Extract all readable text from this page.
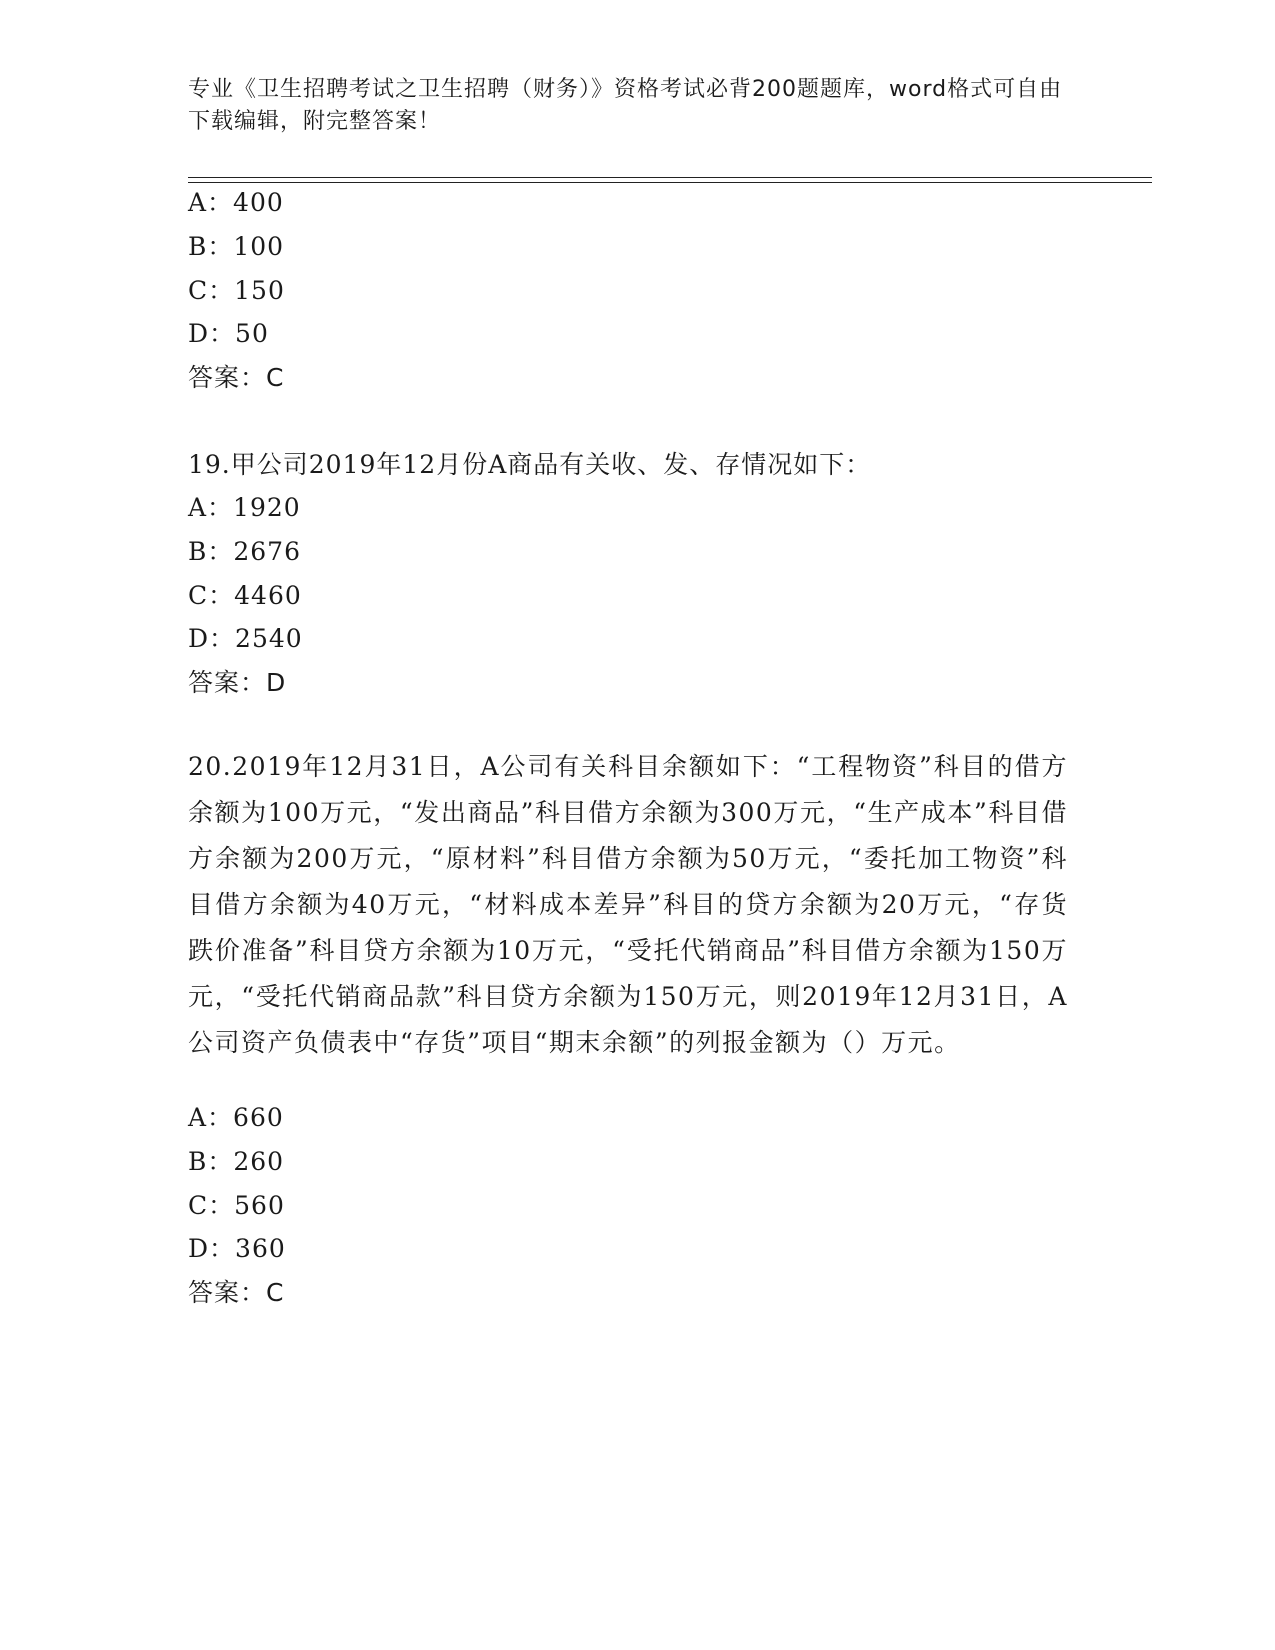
专业《卫生招聘考试之卫生招聘（财务）》资格考试必背200题题库，word格式可自由下载编辑，附完整答案！
A：400
B：100
C：150
D：50
答案：C
19.甲公司2019年12月份A商品有关收、发、存情况如下：
A：1920
B：2676
C：4460
D：2540
答案：D
20.2019年12月31日，A公司有关科目余额如下：“工程物资”科目的借方余额为100万元，“发出商品”科目借方余额为300万元，“生产成本”科目借方余额为200万元，“原材料”科目借方余额为50万元，“委托加工物资”科目借方余额为40万元，“材料成本差异”科目的贷方余额为20万元，“存货跌价准备”科目贷方余额为10万元，“受托代销商品”科目借方余额为150万元，“受托代销商品款”科目贷方余额为150万元，则2019年12月31日，A公司资产负债表中“存货”项目“期末余额”的列报金额为（）万元。
A：660
B：260
C：560
D：360
答案：C
